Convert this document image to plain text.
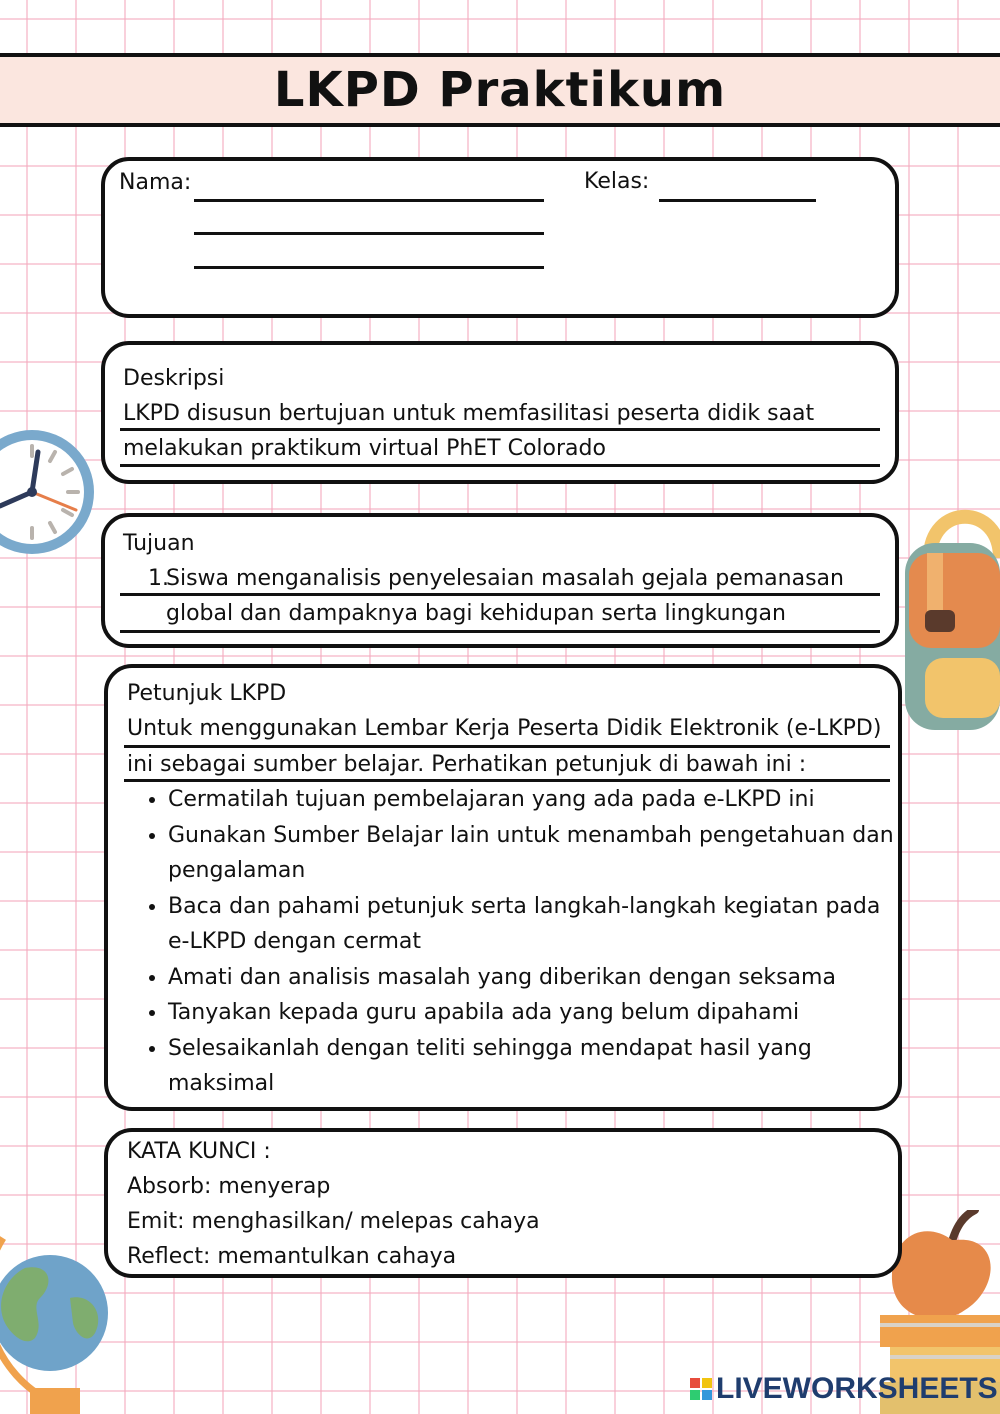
LKPD Praktikum
Nama:	Kelas:
Deskripsi
LKPD disusun bertujuan untuk memfasilitasi peserta didik saat
melakukan praktikum virtual PhET Colorado
Tujuan
1.
Siswa menganalisis penyelesaian masalah gejala pemanasan
global dan dampaknya bagi kehidupan serta lingkungan
Petunjuk LKPD
Untuk menggunakan Lembar Kerja Peserta Didik Elektronik (e-LKPD)
ini sebagai sumber belajar. Perhatikan petunjuk di bawah ini :
• Cermatilah tujuan pembelajaran yang ada pada e-LKPD ini
• Gunakan Sumber Belajar lain untuk menambah pengetahuan dan pengalaman
• Baca dan pahami petunjuk serta langkah-langkah kegiatan pada e-LKPD dengan cermat
• Amati dan analisis masalah yang diberikan dengan seksama
• Tanyakan kepada guru apabila ada yang belum dipahami
• Selesaikanlah dengan teliti sehingga mendapat hasil yang maksimal
KATA KUNCI :
Absorb: menyerap
Emit: menghasilkan/ melepas cahaya
Reflect: memantulkan cahaya
LIVEWORKSHEETS
